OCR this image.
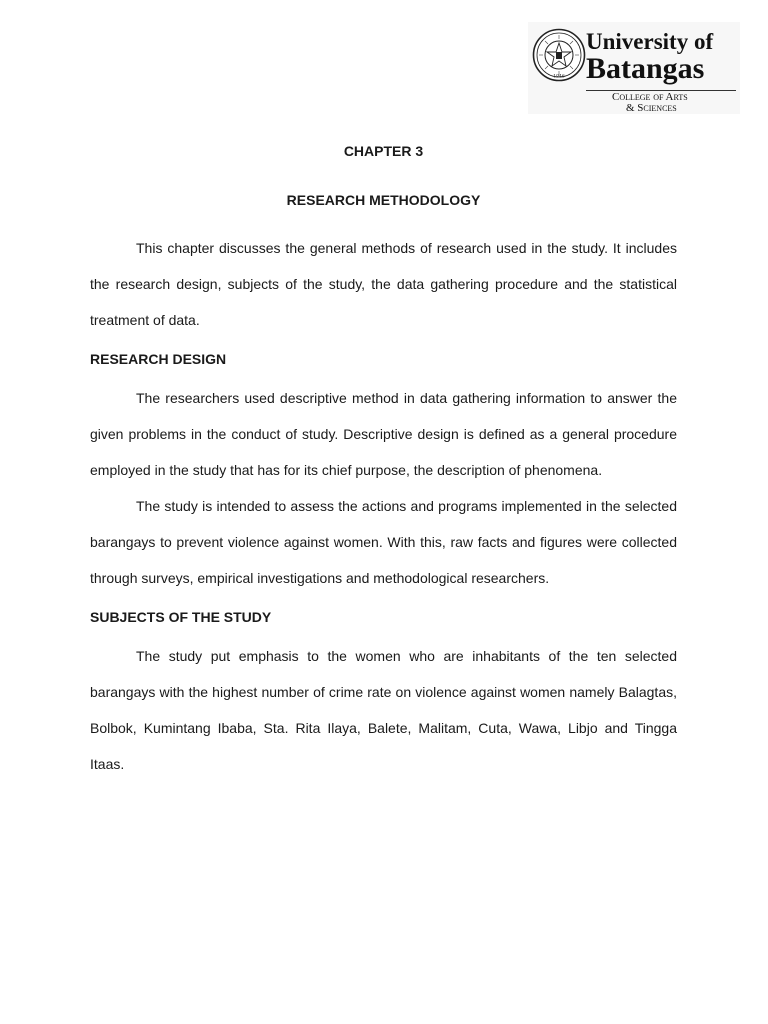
1946
University of
Batangas
College of Arts
& Sciences
CHAPTER 3
RESEARCH METHODOLOGY

This chapter discusses the general methods of research used in the study. It includes the research design, subjects of the study, the data gathering procedure and the statistical treatment of data.

RESEARCH DESIGN

The researchers used descriptive method in data gathering information to answer the given problems in the conduct of study. Descriptive design is defined as a general procedure employed in the study that has for its chief purpose, the description of phenomena.

The study is intended to assess the actions and programs implemented in the selected barangays to prevent violence against women. With this, raw facts and figures were collected through surveys, empirical investigations and methodological researchers.

SUBJECTS OF THE STUDY

The study put emphasis to the women who are inhabitants of the ten selected barangays with the highest number of crime rate on violence against women namely Balagtas, Bolbok, Kumintang Ibaba, Sta. Rita Ilaya, Balete, Malitam, Cuta, Wawa, Libjo and Tingga Itaas.
